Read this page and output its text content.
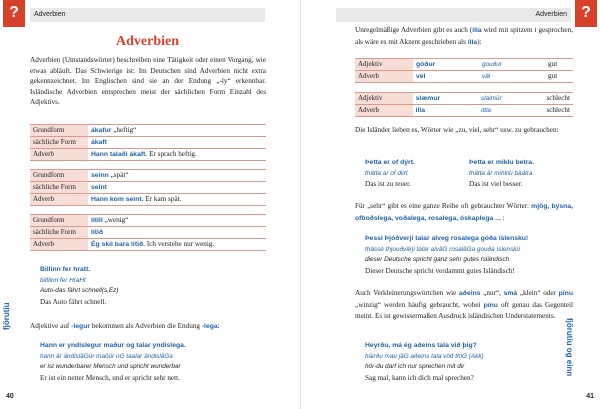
?	Adverbien
Adverbien
Adverbien (Umstandswörter) beschreiben eine Tätigkeit oder einen Vorgang, wie etwas abläuft. Das Schwierige ist: Im Deutschen sind Adverbien nicht extra gekennzeichnet. Im Englischen sind sie an der Endung „-ly“ erkennbar. Isländische Adverbien entsprechen meist der sächlichen Form Einzahl des Adjektivs.
Grundform	ákafur „heftig“
sächliche Form	ákaft
Adverb	Hann talaði ákaft. Er sprach heftig.
Grundform	seinn „spät“
sächliche Form	seint
Adverb	Hann kom seint. Er kam spät.
Grundform	lítill „wenig“
sächliche Form	lítið
Adverb	Ég skil bara lítið. Ich verstehe nur wenig.
Billinn fer hratt.
biltlinn fer HraHt
Auto-das fährt schnell(s,Ez)
Das Auto fährt schnell.
Adjektive auf -legur bekommen als Adverbien die Endung -lega:
Hann er yndislegur maður og talar yndislega.
hann är ändisläGür maöür oG taalar ändisläGa
er ist wunderbarer Mensch und spricht wunderbar
Er ist ein netter Mensch, und er spricht sehr nett.
fjörutíu
40
?
Adverbien
Unregelmäßige Adverbien gibt es auch (illa wird mit spitzem i gesprochen, als wäre es mit Akzent geschrieben als ílla):
Adjektiv	góður	gouður	gut
Adverb	vel	väl	gut
Adjektiv	slæmur	slaimür	schlecht
Adverb	illa	ittla	schlecht
Die Isländer lieben es, Wörter wie „zu, viel, sehr“ usw. zu gebrauchen:
Þetta er of dýrt.
thätta ar of diirt
Das ist zu teuer.
Þetta er miklu betra.
thätta är mihklü bäätra
Das ist viel besser.
Für „sehr“ gibt es eine ganze Reihe oft gebrauchter Wörter: mjög, býsna, ofboðslega, voðalega, rosalega, óskaplega ... :
Þessi Þjóðverji talar alveg rosalega góða íslensku!
thässé thjouðvärji talar alväG rosaläGa gouða íslenskü
dieser Deutsche spricht ganz sehr gutes Isländisch
Dieser Deutsche spricht verdammt gutes Isländisch!
Auch Verkleinerungswörtchen wie aðeins „nur“, smá „klein“ oder pínu „winzig“ werden häufig gebraucht, wobei pínu oft genau das Gegenteil meint. Es ist gewissermaßen Ausdruck isländischen Understatements.
Heyrðu, má ég aðeins tala við þig?
häirðu mau jäG aðeins tala vöð thiG (Akk)
hör-du darf ich nur sprechen mit dir
Sag mal, kann ich dich mal sprechen?
fjörutíu og einn
41
